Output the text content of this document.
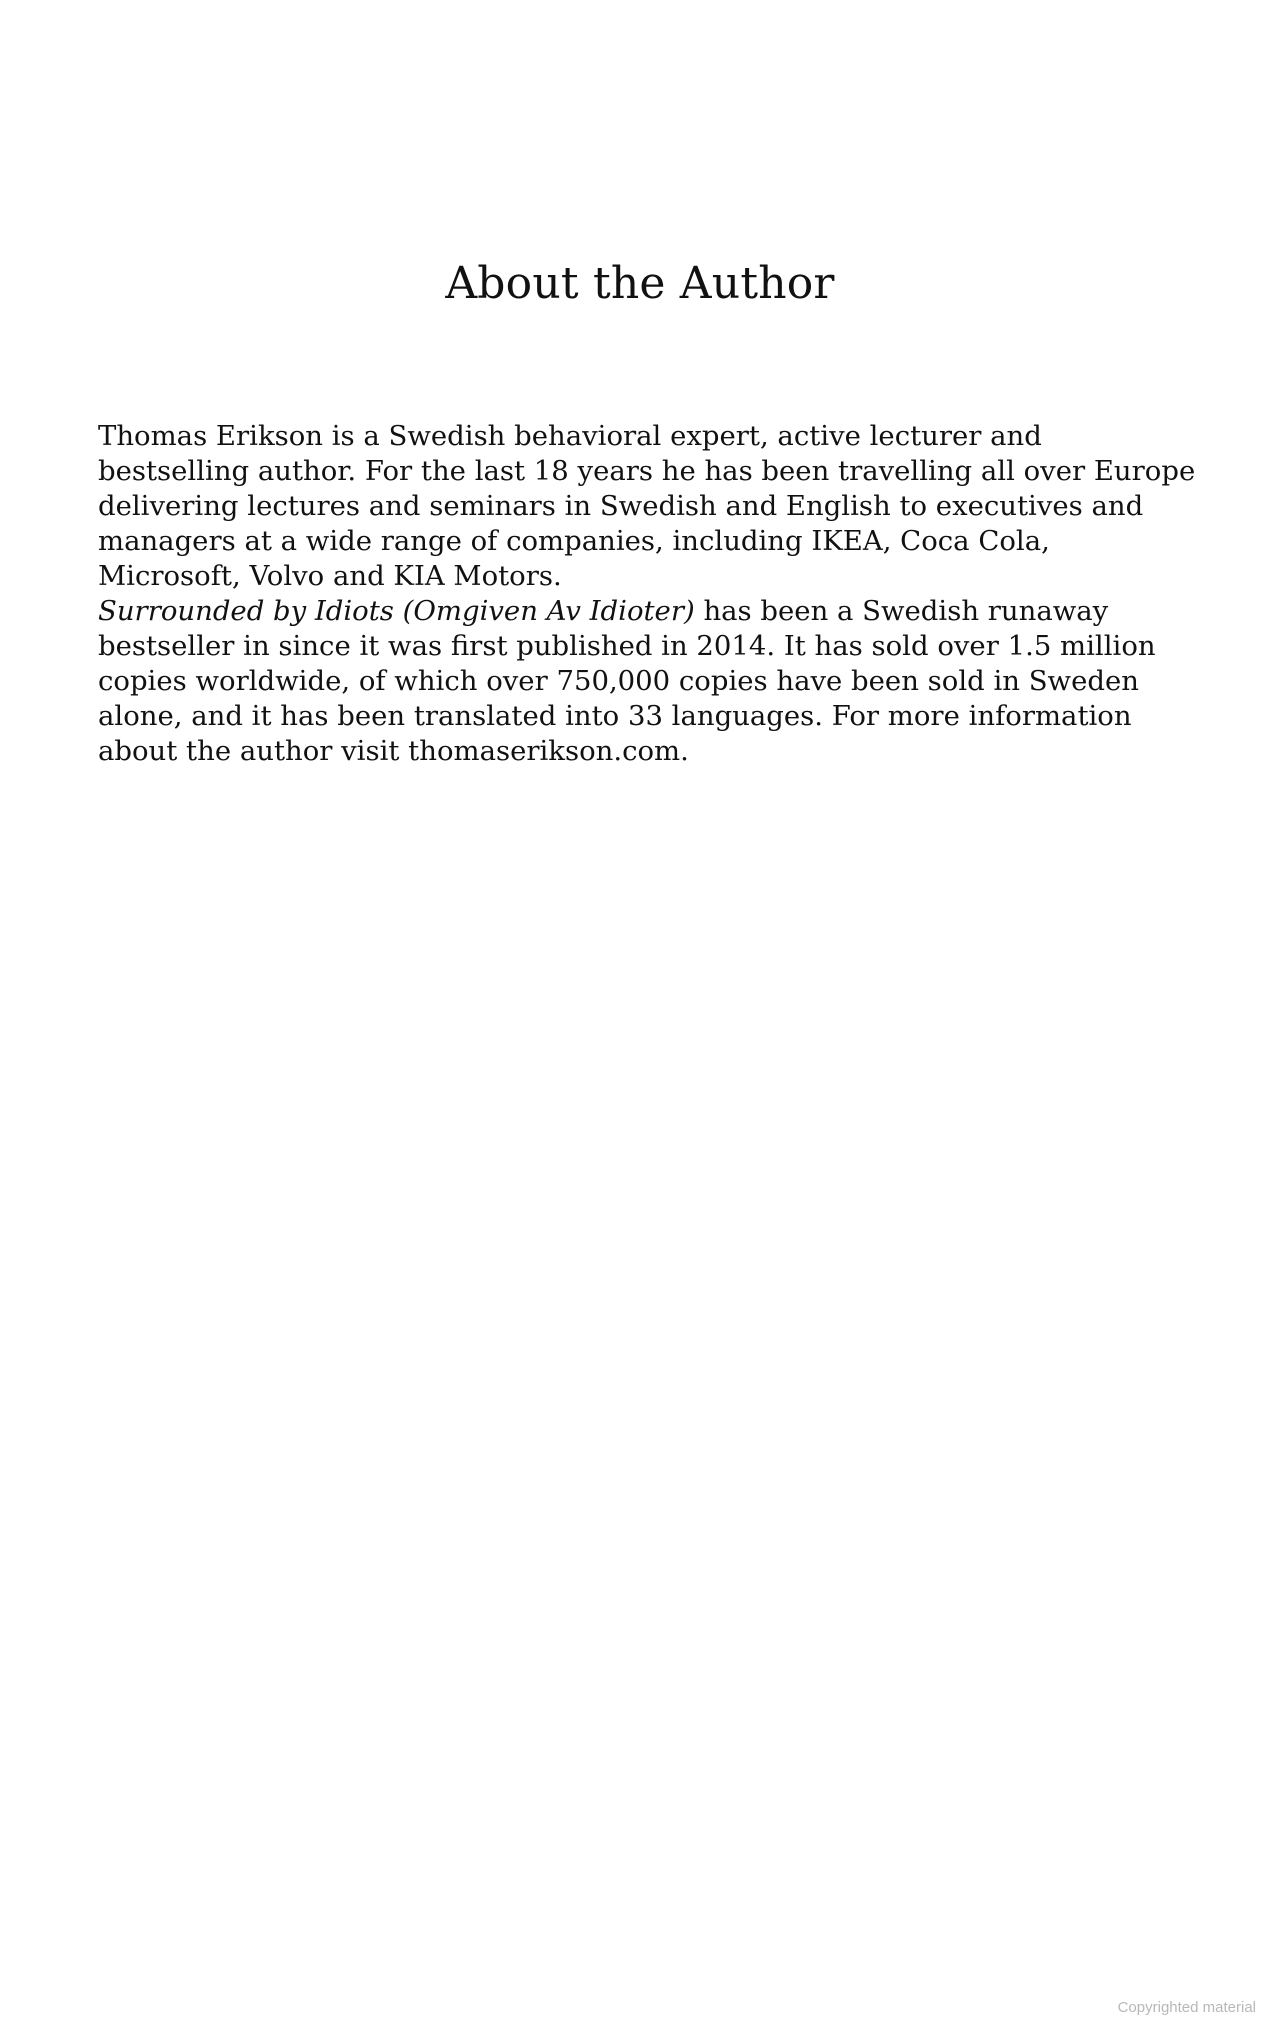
About the Author

Thomas Erikson is a Swedish behavioral expert, active lecturer and bestselling author. For the last 18 years he has been travelling all over Europe delivering lectures and seminars in Swedish and English to executives and managers at a wide range of companies, including IKEA, Coca Cola, Microsoft, Volvo and KIA Motors.
Surrounded by Idiots (Omgiven Av Idioter) has been a Swedish runaway bestseller in since it was first published in 2014. It has sold over 1.5 million copies worldwide, of which over 750,000 copies have been sold in Sweden alone, and it has been translated into 33 languages. For more information about the author visit thomaserikson.com.

Copyrighted material
